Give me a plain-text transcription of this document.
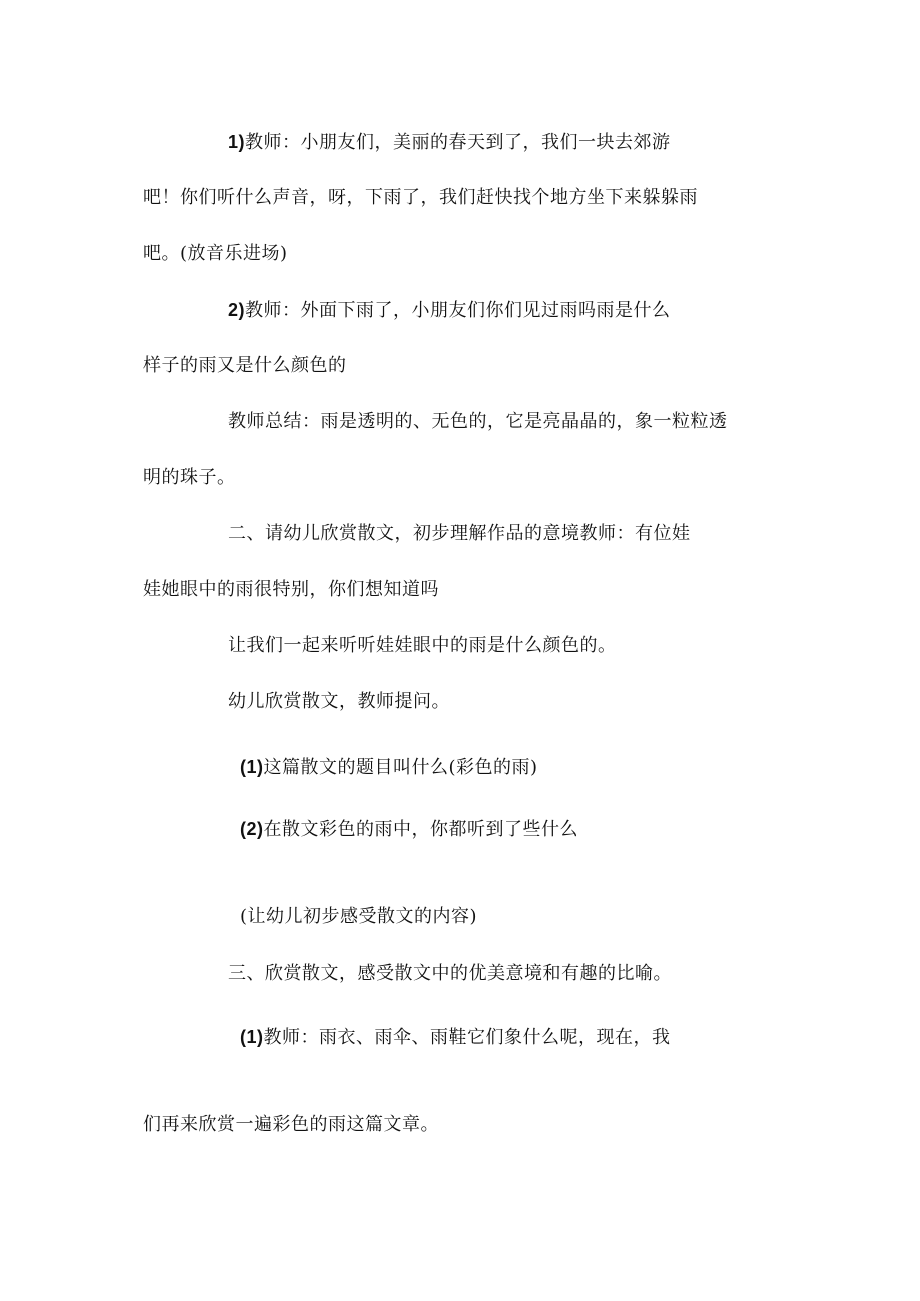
1)教师：小朋友们，美丽的春天到了，我们一块去郊游
吧！你们听什么声音，呀，下雨了，我们赶快找个地方坐下来躲躲雨
吧。(放音乐进场)
2)教师：外面下雨了，小朋友们你们见过雨吗雨是什么
样子的雨又是什么颜色的
教师总结：雨是透明的、无色的，它是亮晶晶的，象一粒粒透
明的珠子。
二、请幼儿欣赏散文，初步理解作品的意境教师：有位娃
娃她眼中的雨很特别，你们想知道吗
让我们一起来听听娃娃眼中的雨是什么颜色的。
幼儿欣赏散文，教师提问。
(1)这篇散文的题目叫什么(彩色的雨)
(2)在散文彩色的雨中，你都听到了些什么
(让幼儿初步感受散文的内容)
三、欣赏散文，感受散文中的优美意境和有趣的比喻。
(1)教师：雨衣、雨伞、雨鞋它们象什么呢，现在，我
们再来欣赏一遍彩色的雨这篇文章。
